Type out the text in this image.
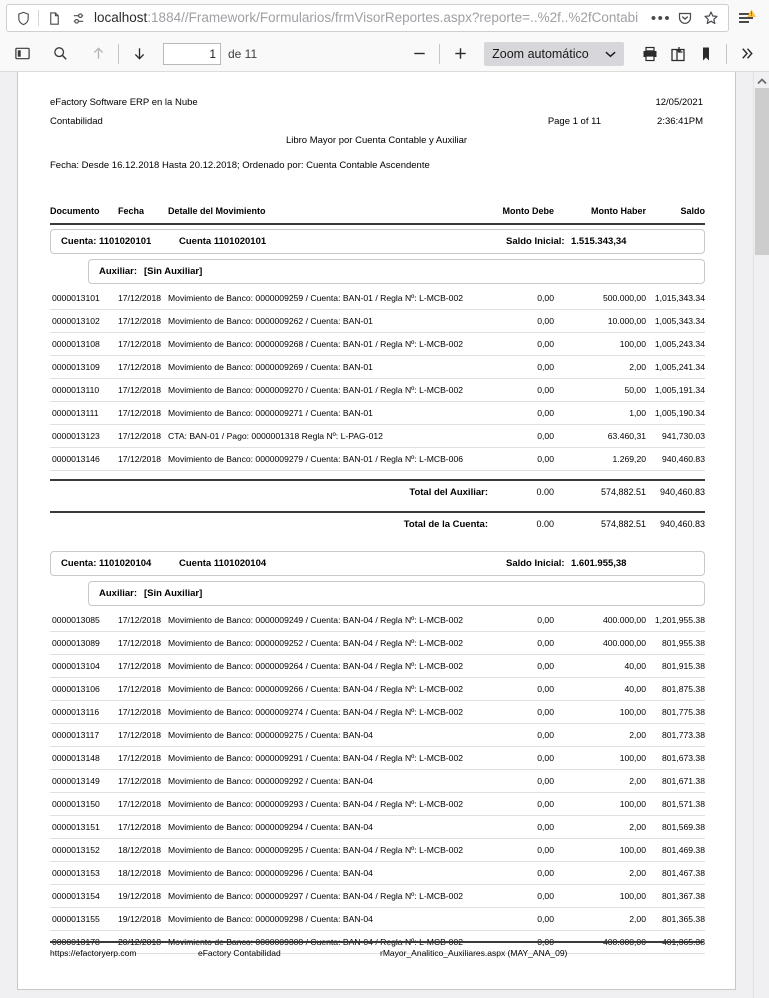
localhost:1884//Framework/Formularios/frmVisorReportes.aspx?reporte=..%2f..%2fContabi •••	!
1
de 11	Zoom automático
eFactory Software ERP en la Nube
Contabilidad
12/05/2021
Page 1 of 11	2:36:41PM
Libro Mayor por Cuenta Contable y Auxiliar
Fecha: Desde 16.12.2018 Hasta 20.12.2018; Ordenado por: Cuenta Contable Ascendente
Documento Fecha	Detalle del Movimiento	Monto Debe	Monto Haber	Saldo
Cuenta: 1101020101	Cuenta 1101020101	Saldo Inicial: 1.515.343,34
Auxiliar: [Sin Auxiliar]
0000013101 17/12/2018 Movimiento de Banco: 0000009259 / Cuenta: BAN-01 / Regla Nº: L-MCB-002	0,00	500.000,00	1,015,343.34
0000013102 17/12/2018 Movimiento de Banco: 0000009262 / Cuenta: BAN-01	0,00	10.000,00	1,005,343.34
0000013108 17/12/2018 Movimiento de Banco: 0000009268 / Cuenta: BAN-01 / Regla Nº: L-MCB-002	0,00	100,00	1,005,243.34
0000013109 17/12/2018 Movimiento de Banco: 0000009269 / Cuenta: BAN-01	0,00	2,00	1,005,241.34
0000013110 17/12/2018 Movimiento de Banco: 0000009270 / Cuenta: BAN-01 / Regla Nº: L-MCB-002	0,00	50,00	1,005,191.34
0000013111 17/12/2018 Movimiento de Banco: 0000009271 / Cuenta: BAN-01	0,00	1,00	1,005,190.34
0000013123 17/12/2018 CTA: BAN-01 / Pago: 0000001318 Regla Nº: L-PAG-012	0,00	63.460,31	941,730.03
0000013146 17/12/2018 Movimiento de Banco: 0000009279 / Cuenta: BAN-01 / Regla Nº: L-MCB-006	0,00	1.269,20	940,460.83
Total del Auxiliar:	0.00	574,882.51	940,460.83
Total de la Cuenta:	0.00	574,882.51	940,460.83
Cuenta: 1101020104	Cuenta 1101020104	Saldo Inicial: 1.601.955,38
Auxiliar: [Sin Auxiliar]
0000013085 17/12/2018 Movimiento de Banco: 0000009249 / Cuenta: BAN-04 / Regla Nº: L-MCB-002	0,00	400.000,00	1,201,955.38
0000013089 17/12/2018 Movimiento de Banco: 0000009252 / Cuenta: BAN-04 / Regla Nº: L-MCB-002	0,00	400.000,00	801,955.38
0000013104 17/12/2018 Movimiento de Banco: 0000009264 / Cuenta: BAN-04 / Regla Nº: L-MCB-002	0,00	40,00	801,915.38
0000013106 17/12/2018 Movimiento de Banco: 0000009266 / Cuenta: BAN-04 / Regla Nº: L-MCB-002	0,00	40,00	801,875.38
0000013116 17/12/2018 Movimiento de Banco: 0000009274 / Cuenta: BAN-04 / Regla Nº: L-MCB-002	0,00	100,00	801,775.38
0000013117 17/12/2018 Movimiento de Banco: 0000009275 / Cuenta: BAN-04	0,00	2,00	801,773.38
0000013148 17/12/2018 Movimiento de Banco: 0000009291 / Cuenta: BAN-04 / Regla Nº: L-MCB-002	0,00	100,00	801,673.38
0000013149 17/12/2018 Movimiento de Banco: 0000009292 / Cuenta: BAN-04	0,00	2,00	801,671.38
0000013150 17/12/2018 Movimiento de Banco: 0000009293 / Cuenta: BAN-04 / Regla Nº: L-MCB-002	0,00	100,00	801,571.38
0000013151 17/12/2018 Movimiento de Banco: 0000009294 / Cuenta: BAN-04	0,00	2,00	801,569.38
0000013152 18/12/2018 Movimiento de Banco: 0000009295 / Cuenta: BAN-04 / Regla Nº: L-MCB-002	0,00	100,00	801,469.38
0000013153 18/12/2018 Movimiento de Banco: 0000009296 / Cuenta: BAN-04	0,00	2,00	801,467.38
0000013154 19/12/2018 Movimiento de Banco: 0000009297 / Cuenta: BAN-04 / Regla Nº: L-MCB-002	0,00	100,00	801,367.38
0000013155 19/12/2018 Movimiento de Banco: 0000009298 / Cuenta: BAN-04	0,00	2,00	801,365.38
0000013178 20/12/2018 Movimiento de Banco: 0000009308 / Cuenta: BAN-04 / Regla Nº: L-MCB-002	0,00	400.000,00	401,365.38
https://efactoryerp.com	eFactory Contabilidad	rMayor_Analitico_Auxiliares.aspx (MAY_ANA_09)
